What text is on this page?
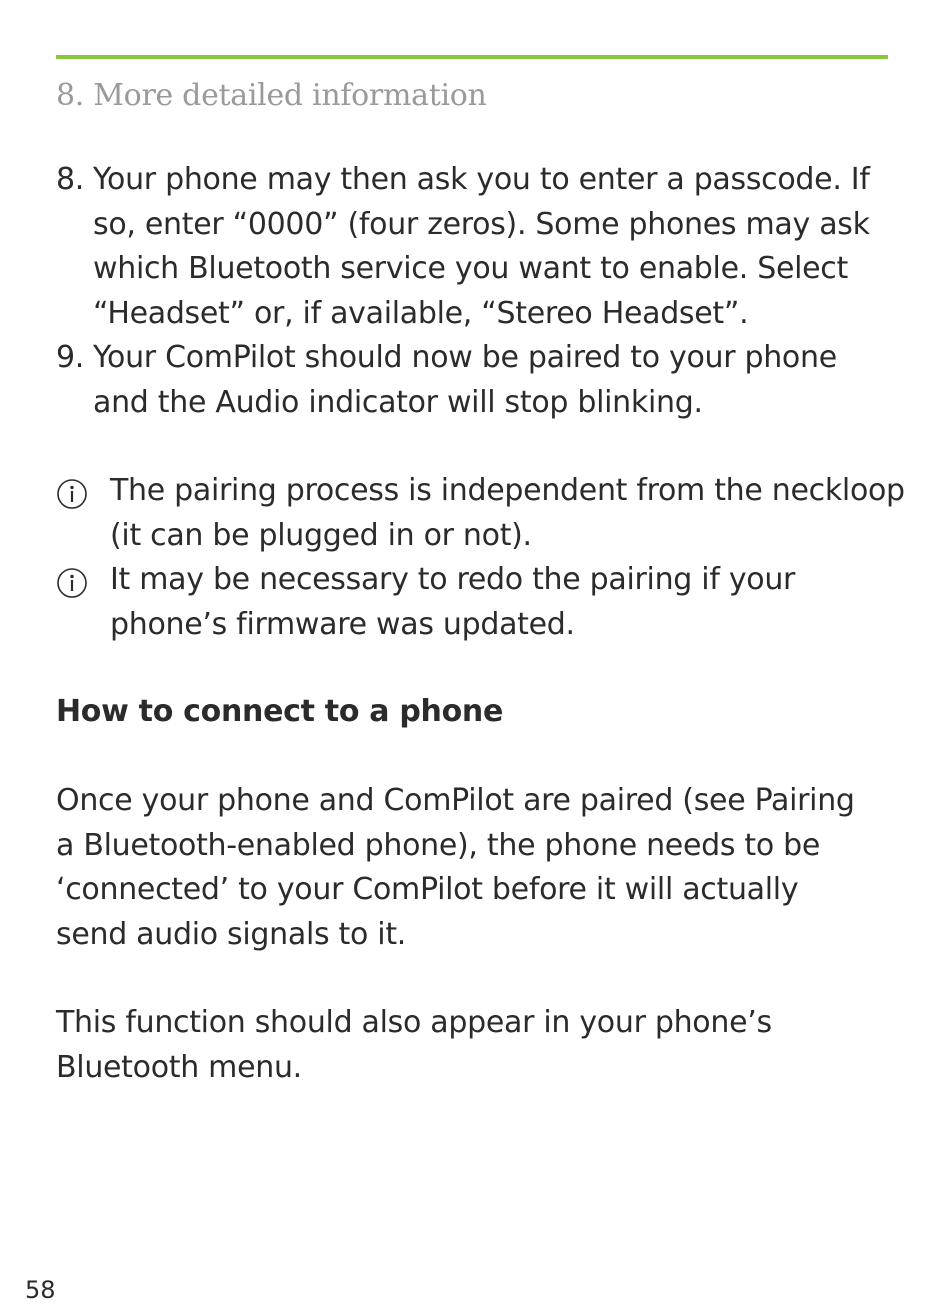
8. More detailed information
8. Your phone may then ask you to enter a passcode. If
so, enter “0000” (four zeros). Some phones may ask
which Bluetooth service you want to enable. Select
“Headset” or, if available, “Stereo Headset”.
9. Your ComPilot should now be paired to your phone
and the Audio indicator will stop blinking.
The pairing process is independent from the neckloop
(it can be plugged in or not).
It may be necessary to redo the pairing if your
phone’s firmware was updated.
How to connect to a phone
Once your phone and ComPilot are paired (see Pairing
a Bluetooth-enabled phone), the phone needs to be
‘connected’ to your ComPilot before it will actually
send audio signals to it.
This function should also appear in your phone’s
Bluetooth menu.
58
